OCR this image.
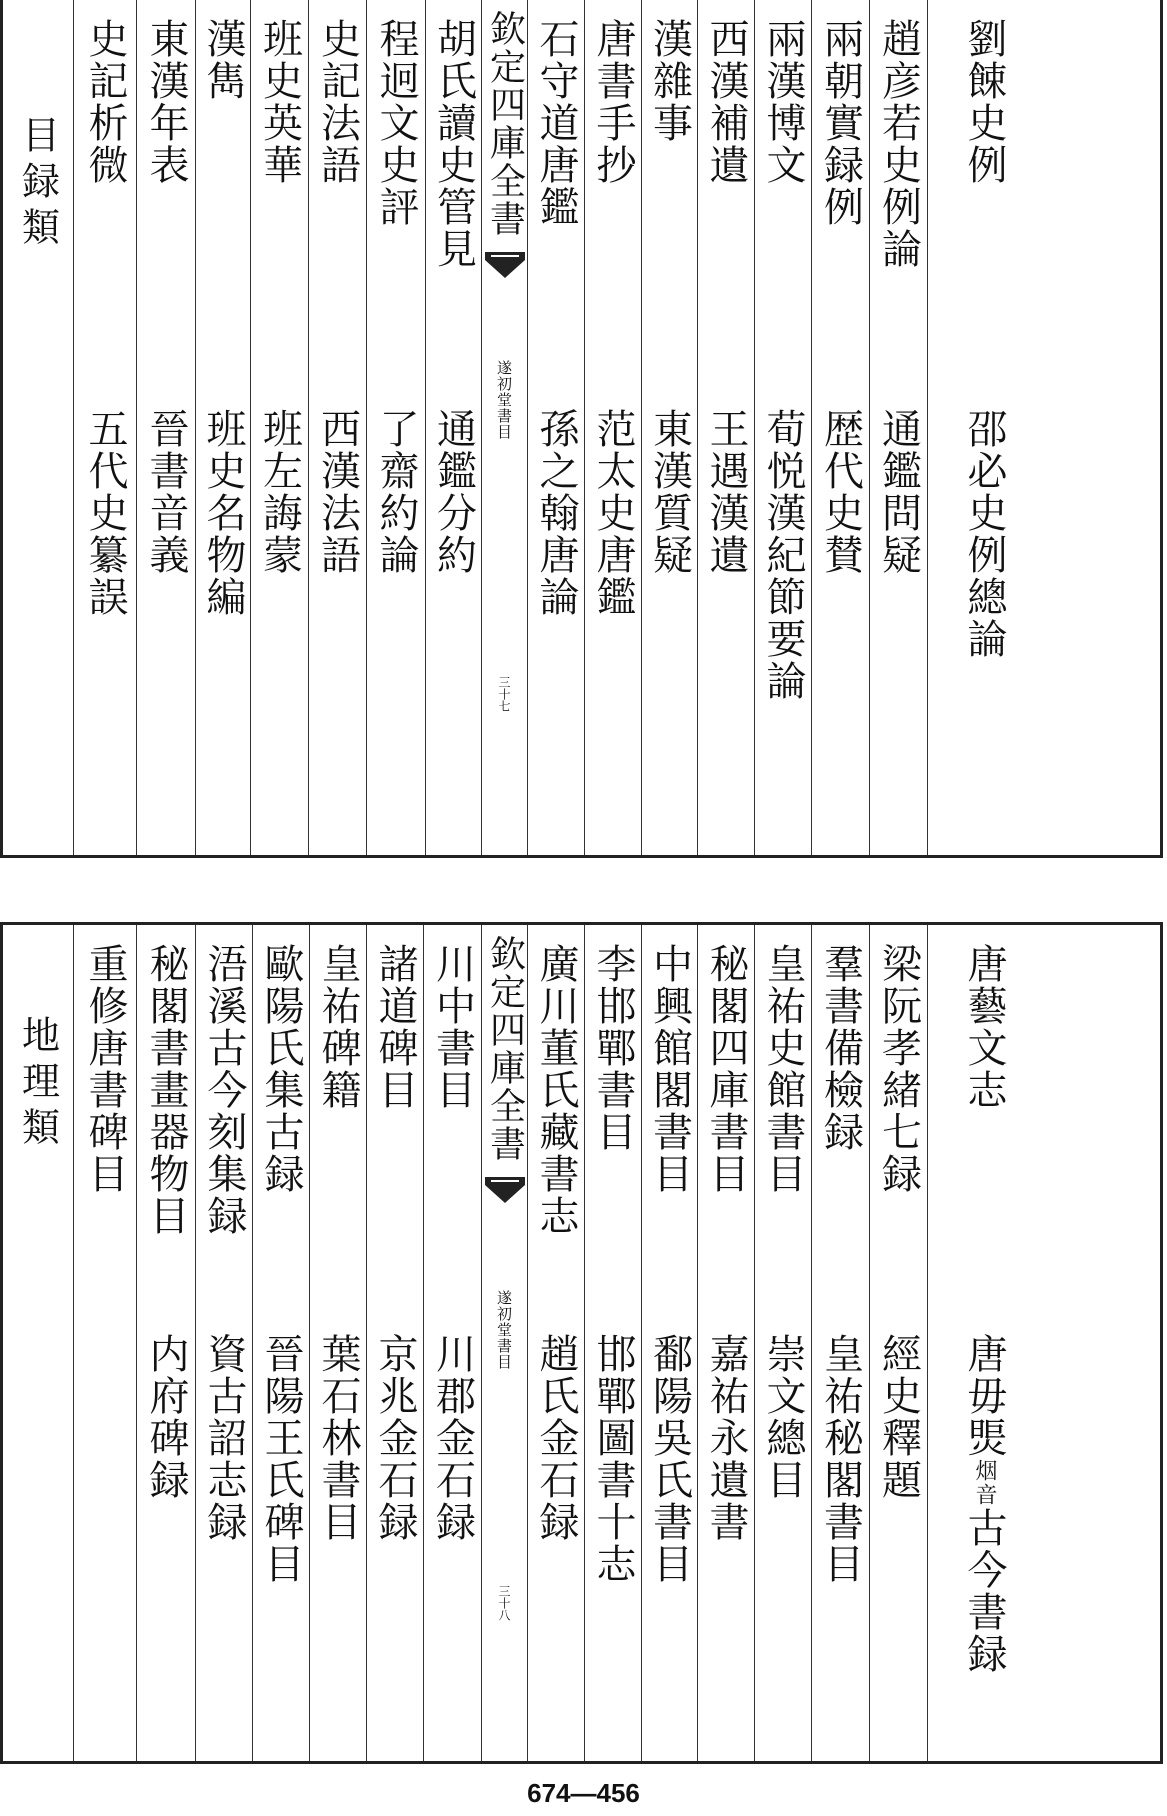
目録類 史記析微
五代史纂誤
東漢年表
晉書音義
漢雋
班史名物編
班史英華
班左誨蒙
史記法語
西漢法語
程迥文史評
了齋約論
胡氏讀史管見
通鑑分約
欽定四庫全書
遂初堂書目
三十七
石守道唐鑑
孫之翰唐論
唐書手抄
范太史唐鑑
漢雜事
東漢質疑
西漢補遺
王遇漢遺
兩漢博文
荀悦漢紀節要論
兩朝實録例
歴代史賛
趙彦若史例論
通鑑問疑
劉餗史例
邵必史例總論
地理類 重修唐書碑目 秘閣書畫器物目
内府碑録
浯溪古今刻集録
資古詔志録
歐陽氏集古録
晉陽王氏碑目
皇祐碑籍
葉石林書目
諸道碑目
京兆金石録
川中書目
川郡金石録
欽定四庫全書
遂初堂書目
三十八
廣川董氏藏書志
趙氏金石録
李邯鄲書目
邯鄲圖書十志
中興館閣書目
鄱陽吳氏書目
秘閣四庫書目
嘉祐永遺書
皇祐史館書目
崇文總目
羣書備檢録
皇祐秘閣書目
梁阮孝緒七録
經史釋題
唐藝文志
唐毋煚烟音古今書録
674—456
